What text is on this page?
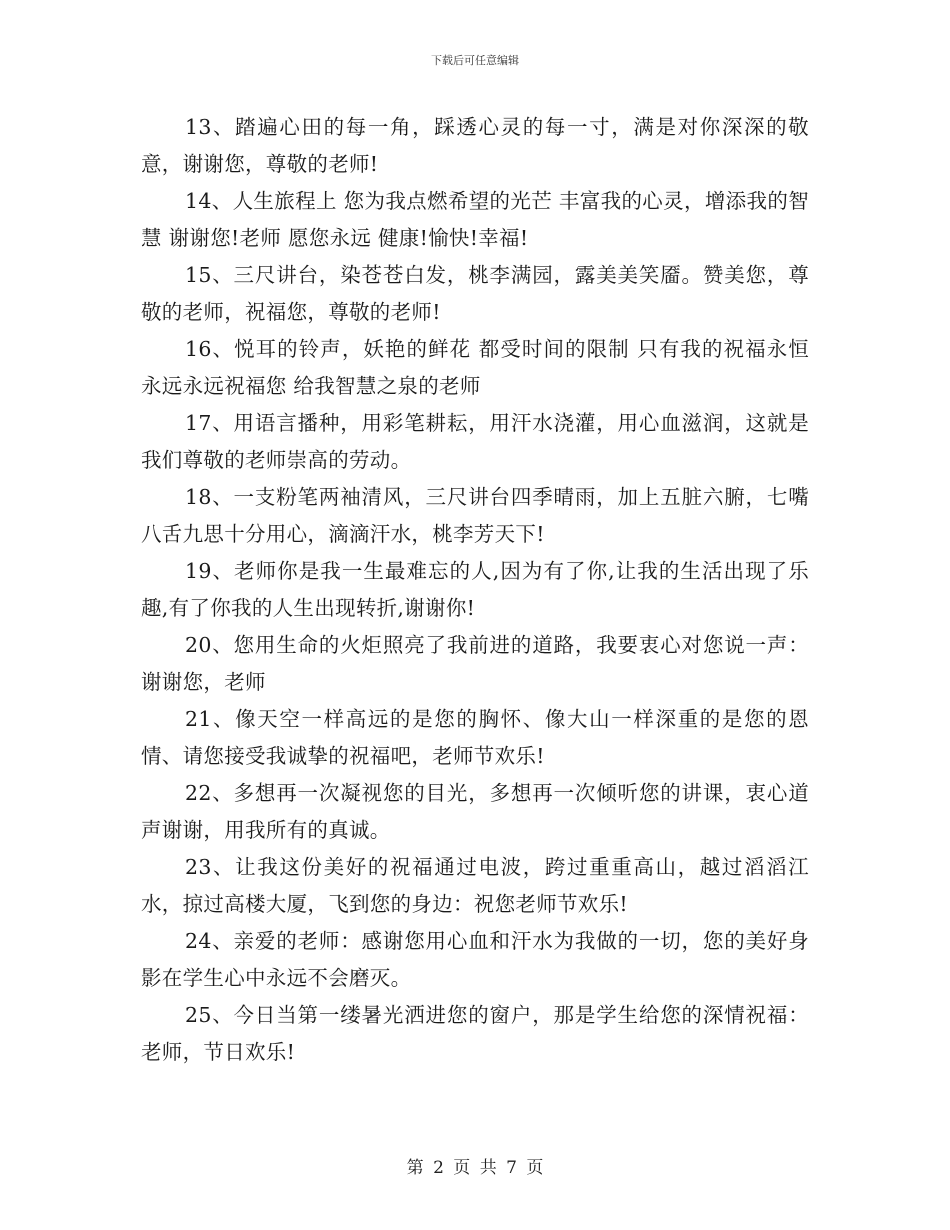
下载后可任意编辑

13、踏遍心田的每一角，踩透心灵的每一寸，满是对你深深的敬意，谢谢您，尊敬的老师!

14、人生旅程上 您为我点燃希望的光芒 丰富我的心灵，增添我的智慧 谢谢您!老师 愿您永远 健康!愉快!幸福!

15、三尺讲台，染苍苍白发，桃李满园，露美美笑靥。赞美您，尊敬的老师，祝福您，尊敬的老师!

16、悦耳的铃声，妖艳的鲜花 都受时间的限制 只有我的祝福永恒 永远永远祝福您 给我智慧之泉的老师

17、用语言播种，用彩笔耕耘，用汗水浇灌，用心血滋润，这就是我们尊敬的老师崇高的劳动。

18、一支粉笔两袖清风，三尺讲台四季晴雨，加上五脏六腑，七嘴八舌九思十分用心，滴滴汗水，桃李芳天下!

19、老师你是我一生最难忘的人,因为有了你,让我的生活出现了乐趣,有了你我的人生出现转折,谢谢你!

20、您用生命的火炬照亮了我前进的道路，我要衷心对您说一声：谢谢您，老师

21、像天空一样高远的是您的胸怀、像大山一样深重的是您的恩情、请您接受我诚挚的祝福吧，老师节欢乐!

22、多想再一次凝视您的目光，多想再一次倾听您的讲课，衷心道声谢谢，用我所有的真诚。

23、让我这份美好的祝福通过电波，跨过重重高山，越过滔滔江水，掠过高楼大厦，飞到您的身边：祝您老师节欢乐!

24、亲爱的老师：感谢您用心血和汗水为我做的一切，您的美好身影在学生心中永远不会磨灭。

25、今日当第一缕暑光洒进您的窗户，那是学生给您的深情祝福：老师，节日欢乐!

第 2 页 共 7 页
